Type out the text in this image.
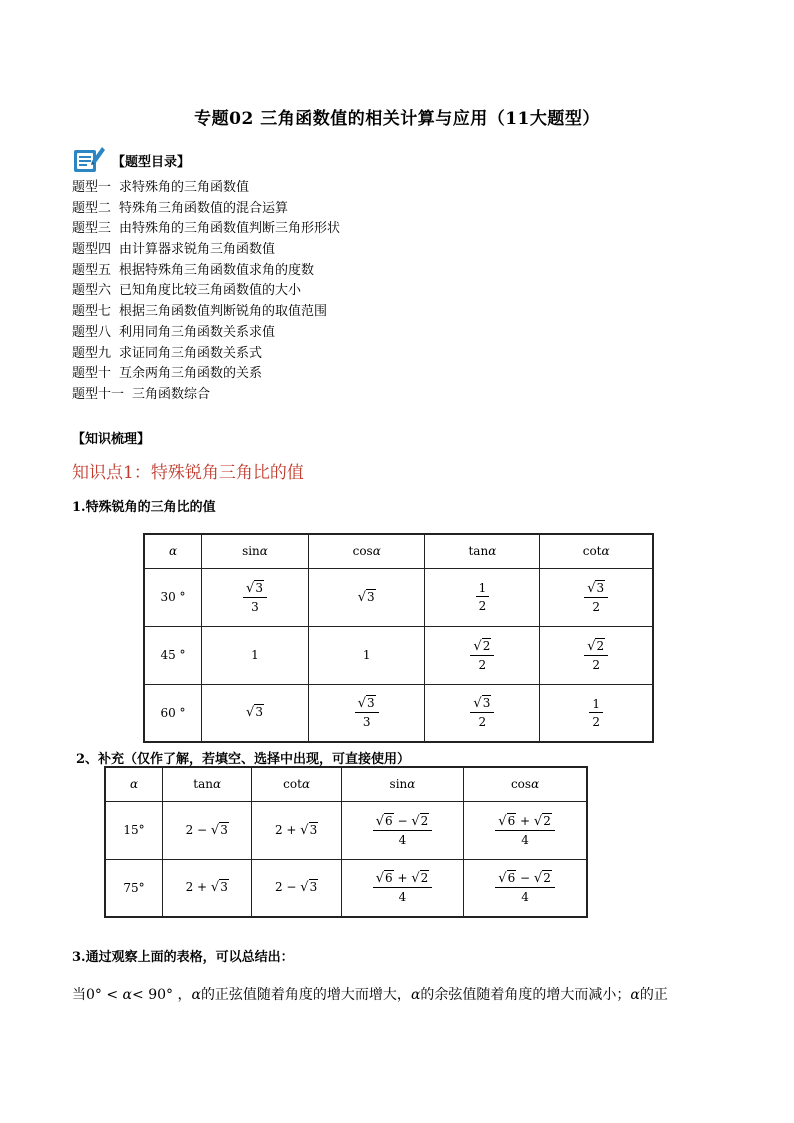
专题02 三角函数值的相关计算与应用（11大题型）
【题型目录】
题型一 求特殊角的三角函数值
题型二 特殊角三角函数值的混合运算
题型三 由特殊角的三角函数值判断三角形形状
题型四 由计算器求锐角三角函数值
题型五 根据特殊角三角函数值求角的度数
题型六 已知角度比较三角函数值的大小
题型七 根据三角函数值判断锐角的取值范围
题型八 利用同角三角函数关系求值
题型九 求证同角三角函数关系式
题型十 互余两角三角函数的关系
题型十一 三角函数综合
【知识梳理】
知识点1：特殊锐角三角比的值
1.特殊锐角的三角比的值
α	sinα	cosα	tanα	cotα
30 °	$\frac{√3}{3}$	√3	$\frac{1}{2}$	$\frac{√3}{2}$

45 °	1	1	$\frac{√2}{2}$	$\frac{√2}{2}$

60 °	√3	$\frac{√3}{3}$	$\frac{√3}{2}$	$\frac{1}{2}$
2、补充（仅作了解，若填空、选择中出现，可直接使用）
α	tanα	cotα	sinα	cosα
15°	2 − √3	2 + √3	$\frac{√6 - √2}{4}$	$\frac{√6 + √2}{4}$

75°	2 + √3	2 − √3	$\frac{√6 + √2}{4}$	$\frac{√6 - √2}{4}$
3.通过观察上面的表格，可以总结出：
当0° < α< 90° ，α的正弦值随着角度的增大而增大，α的余弦值随着角度的增大而减小；α的正
